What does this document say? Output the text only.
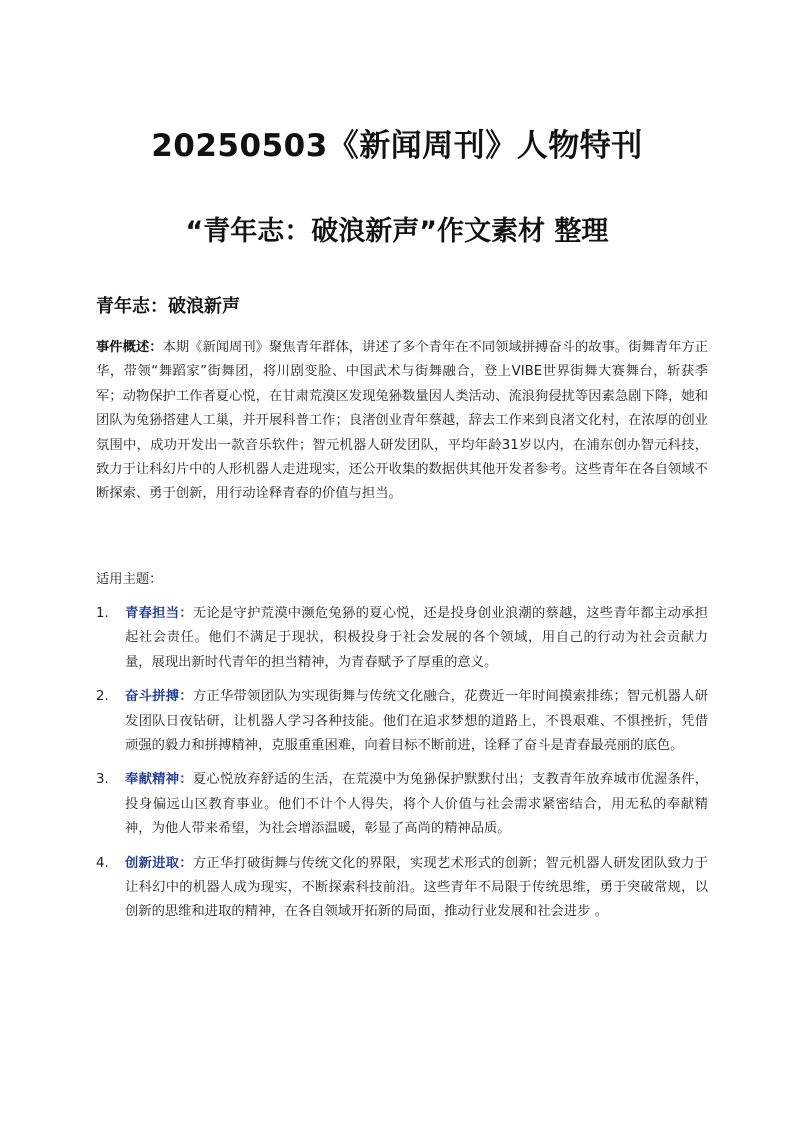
20250503《新闻周刊》人物特刊
“青年志：破浪新声”作文素材 整理
青年志：破浪新声
事件概述：本期《新闻周刊》聚焦青年群体，讲述了多个青年在不同领域拼搏奋斗的故事。街舞青年方正华，带领“舞蹈家”街舞团，将川剧变脸、中国武术与街舞融合，登上VIBE世界街舞大赛舞台，斩获季军；动物保护工作者夏心悦，在甘肃荒漠区发现兔狲数量因人类活动、流浪狗侵扰等因素急剧下降，她和团队为兔狲搭建人工巢，并开展科普工作；良渚创业青年蔡越，辞去工作来到良渚文化村，在浓厚的创业氛围中，成功开发出一款音乐软件；智元机器人研发团队，平均年龄31岁以内，在浦东创办智元科技，致力于让科幻片中的人形机器人走进现实，还公开收集的数据供其他开发者参考。这些青年在各自领域不断探索、勇于创新，用行动诠释青春的价值与担当。
适用主题：
1. 青春担当：无论是守护荒漠中濒危兔狲的夏心悦，还是投身创业浪潮的蔡越，这些青年都主动承担起社会责任。他们不满足于现状，积极投身于社会发展的各个领域，用自己的行动为社会贡献力量，展现出新时代青年的担当精神，为青春赋予了厚重的意义。
2. 奋斗拼搏：方正华带领团队为实现街舞与传统文化融合，花费近一年时间摸索排练；智元机器人研发团队日夜钻研，让机器人学习各种技能。他们在追求梦想的道路上，不畏艰难、不惧挫折，凭借顽强的毅力和拼搏精神，克服重重困难，向着目标不断前进，诠释了奋斗是青春最亮丽的底色。
3. 奉献精神：夏心悦放弃舒适的生活，在荒漠中为兔狲保护默默付出；支教青年放弃城市优渥条件，投身偏远山区教育事业。他们不计个人得失，将个人价值与社会需求紧密结合，用无私的奉献精神，为他人带来希望，为社会增添温暖，彰显了高尚的精神品质。
4. 创新进取：方正华打破街舞与传统文化的界限，实现艺术形式的创新；智元机器人研发团队致力于让科幻中的机器人成为现实，不断探索科技前沿。这些青年不局限于传统思维，勇于突破常规，以创新的思维和进取的精神，在各自领域开拓新的局面，推动行业发展和社会进步 。
